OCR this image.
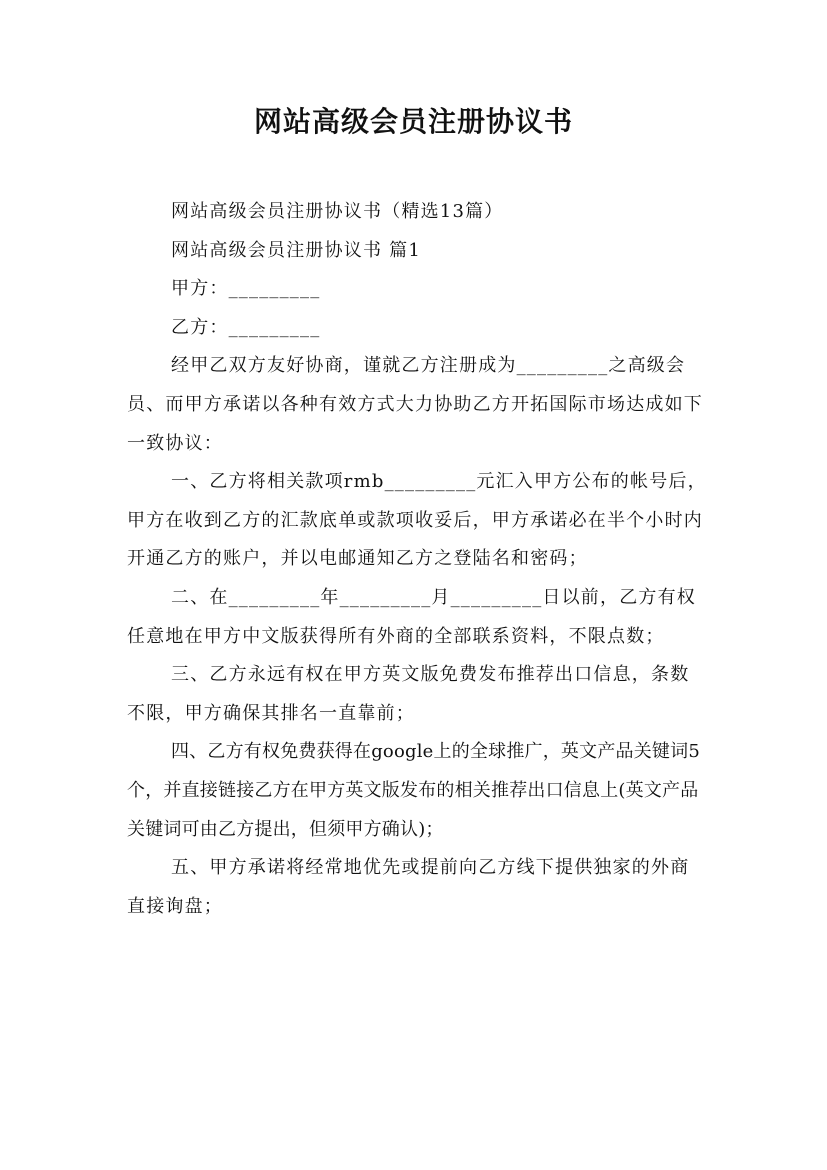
网站高级会员注册协议书

网站高级会员注册协议书（精选13篇）

网站高级会员注册协议书 篇1

甲方：_________

乙方：_________

经甲乙双方友好协商，谨就乙方注册成为_________之高级会员、而甲方承诺以各种有效方式大力协助乙方开拓国际市场达成如下一致协议：

一、乙方将相关款项rmb_________元汇入甲方公布的帐号后，甲方在收到乙方的汇款底单或款项收妥后，甲方承诺必在半个小时内开通乙方的账户，并以电邮通知乙方之登陆名和密码；

二、在_________年_________月_________日以前，乙方有权任意地在甲方中文版获得所有外商的全部联系资料，不限点数；

三、乙方永远有权在甲方英文版免费发布推荐出口信息，条数不限，甲方确保其排名一直靠前；

四、乙方有权免费获得在google上的全球推广，英文产品关键词5个，并直接链接乙方在甲方英文版发布的相关推荐出口信息上(英文产品关键词可由乙方提出，但须甲方确认)；

五、甲方承诺将经常地优先或提前向乙方线下提供独家的外商直接询盘；
